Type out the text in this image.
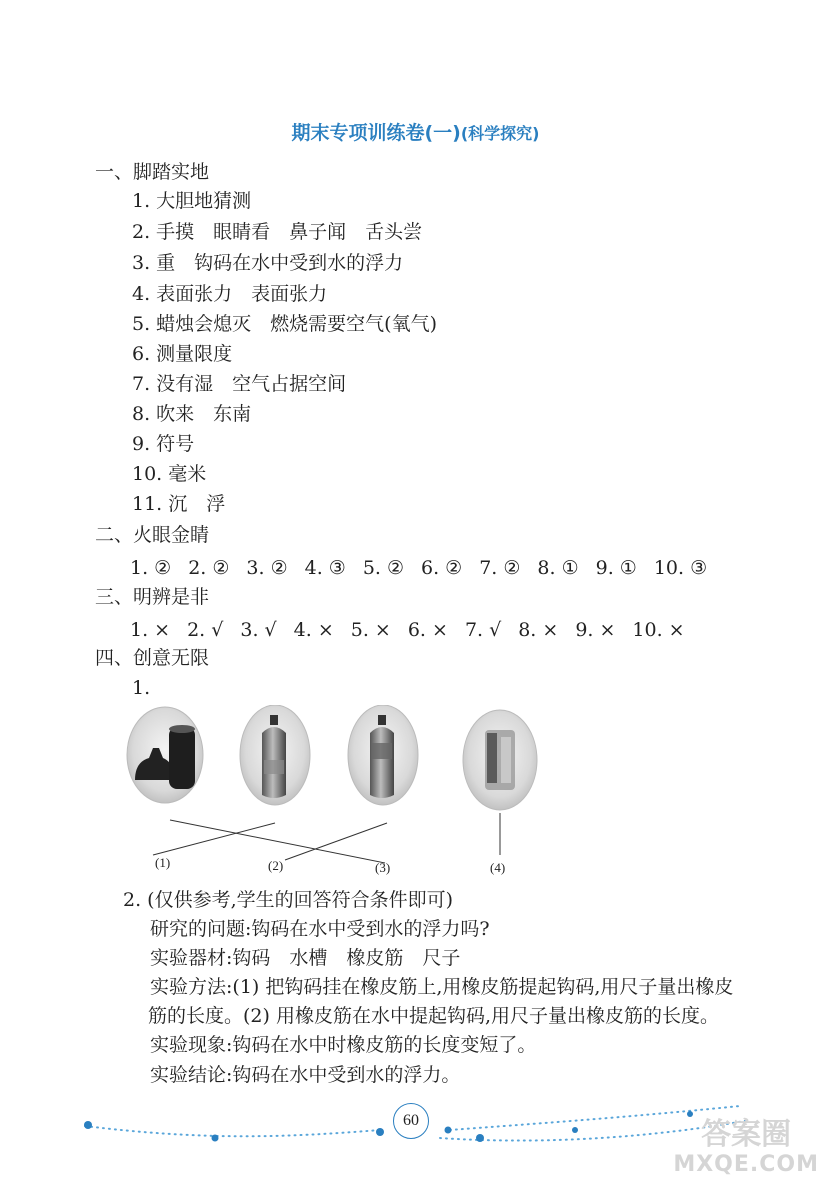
期末专项训练卷(一)(科学探究)
一、脚踏实地
1. 大胆地猜测
2. 手摸　眼睛看　鼻子闻　舌头尝
3. 重　钩码在水中受到水的浮力
4. 表面张力　表面张力
5. 蜡烛会熄灭　燃烧需要空气(氧气)
6. 测量限度
7. 没有湿　空气占据空间
8. 吹来　东南
9. 符号
10. 毫米
11. 沉　浮
二、火眼金睛
1. ② 2. ② 3. ② 4. ③ 5. ② 6. ② 7. ② 8. ① 9. ① 10. ③
三、明辨是非
1. × 2. √ 3. √ 4. × 5. × 6. × 7. √ 8. × 9. × 10. ×
四、创意无限
1.
(1)	(2)	(3)	(4)
2. (仅供参考,学生的回答符合条件即可)
研究的问题:钩码在水中受到水的浮力吗?
实验器材:钩码　水槽　橡皮筋　尺子
实验方法:(1) 把钩码挂在橡皮筋上,用橡皮筋提起钩码,用尺子量出橡皮
筋的长度。(2) 用橡皮筋在水中提起钩码,用尺子量出橡皮筋的长度。
实验现象:钩码在水中时橡皮筋的长度变短了。
实验结论:钩码在水中受到水的浮力。
60	答案圈
MXQE.COM
